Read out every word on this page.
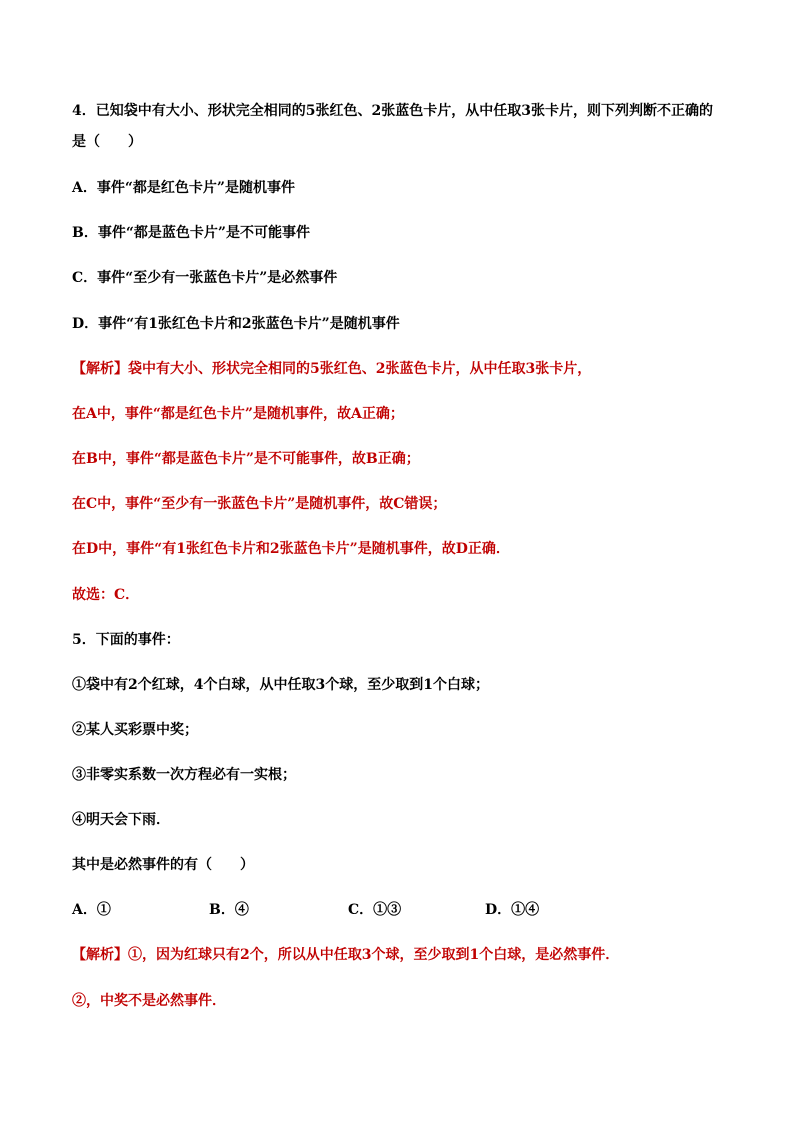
4．已知袋中有大小、形状完全相同的5张红色、2张蓝色卡片，从中任取3张卡片，则下列判断不正确的
是（　　）
A．事件“都是红色卡片”是随机事件
B．事件“都是蓝色卡片”是不可能事件
C．事件“至少有一张蓝色卡片”是必然事件
D．事件“有1张红色卡片和2张蓝色卡片”是随机事件
【解析】袋中有大小、形状完全相同的5张红色、2张蓝色卡片，从中任取3张卡片，
在A中，事件“都是红色卡片”是随机事件，故A正确；
在B中，事件“都是蓝色卡片”是不可能事件，故B正确；
在C中，事件“至少有一张蓝色卡片”是随机事件，故C错误；
在D中，事件“有1张红色卡片和2张蓝色卡片”是随机事件，故D正确．
故选：C．
5．下面的事件：
①袋中有2个红球，4个白球，从中任取3个球，至少取到1个白球；
②某人买彩票中奖；
③非零实系数一次方程必有一实根；
④明天会下雨．
其中是必然事件的有（　　）
A．①	B．④	C．①③	D．①④
【解析】①，因为红球只有2个，所以从中任取3个球，至少取到1个白球，是必然事件．
②，中奖不是必然事件．
